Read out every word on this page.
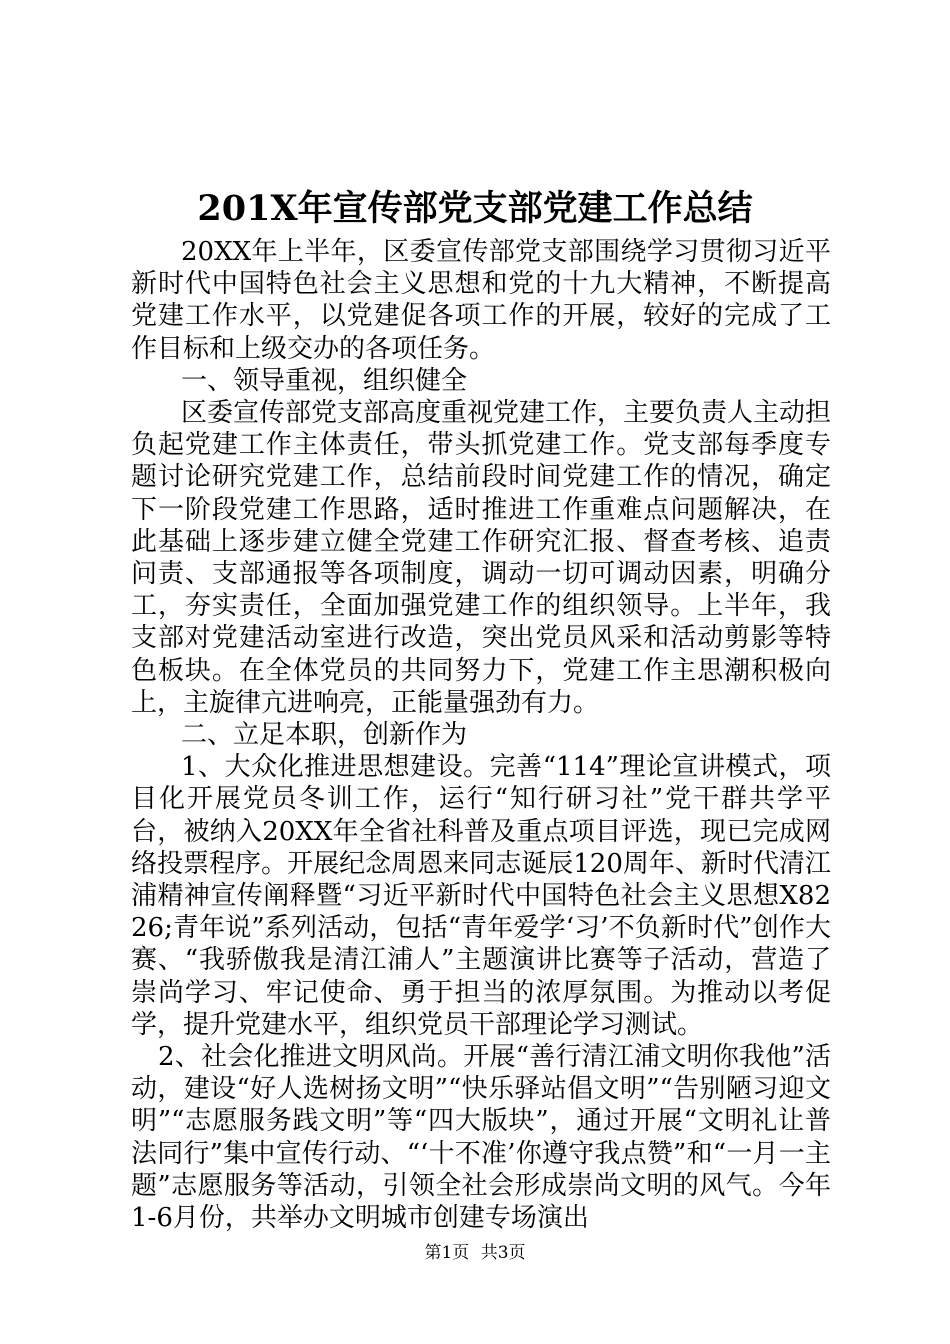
201X年宣传部党支部党建工作总结

20XX年上半年，区委宣传部党支部围绕学习贯彻习近平新时代中国特色社会主义思想和党的十九大精神，不断提高党建工作水平，以党建促各项工作的开展，较好的完成了工作目标和上级交办的各项任务。

一、领导重视，组织健全

区委宣传部党支部高度重视党建工作，主要负责人主动担负起党建工作主体责任，带头抓党建工作。党支部每季度专题讨论研究党建工作，总结前段时间党建工作的情况，确定下一阶段党建工作思路，适时推进工作重难点问题解决，在此基础上逐步建立健全党建工作研究汇报、督查考核、追责问责、支部通报等各项制度，调动一切可调动因素，明确分工，夯实责任，全面加强党建工作的组织领导。上半年，我支部对党建活动室进行改造，突出党员风采和活动剪影等特色板块。在全体党员的共同努力下，党建工作主思潮积极向上，主旋律亢进响亮，正能量强劲有力。

二、立足本职，创新作为

1、大众化推进思想建设。完善“114”理论宣讲模式，项目化开展党员冬训工作，运行“知行研习社”党干群共学平台，被纳入20XX年全省社科普及重点项目评选，现已完成网络投票程序。开展纪念周恩来同志诞辰120周年、新时代清江浦精神宣传阐释暨“习近平新时代中国特色社会主义思想X8226;青年说”系列活动，包括“青年爱学‘习’不负新时代”创作大赛、“我骄傲我是清江浦人”主题演讲比赛等子活动，营造了崇尚学习、牢记使命、勇于担当的浓厚氛围。为推动以考促学，提升党建水平，组织党员干部理论学习测试。

2、社会化推进文明风尚。开展“善行清江浦文明你我他”活动，建设“好人选树扬文明”“快乐驿站倡文明”“告别陋习迎文明”“志愿服务践文明”等“四大版块”，通过开展“文明礼让普法同行”集中宣传行动、“‘十不准’你遵守我点赞”和“一月一主题”志愿服务等活动，引领全社会形成崇尚文明的风气。今年1-6月份，共举办文明城市创建专场演出

第1页 共3页
